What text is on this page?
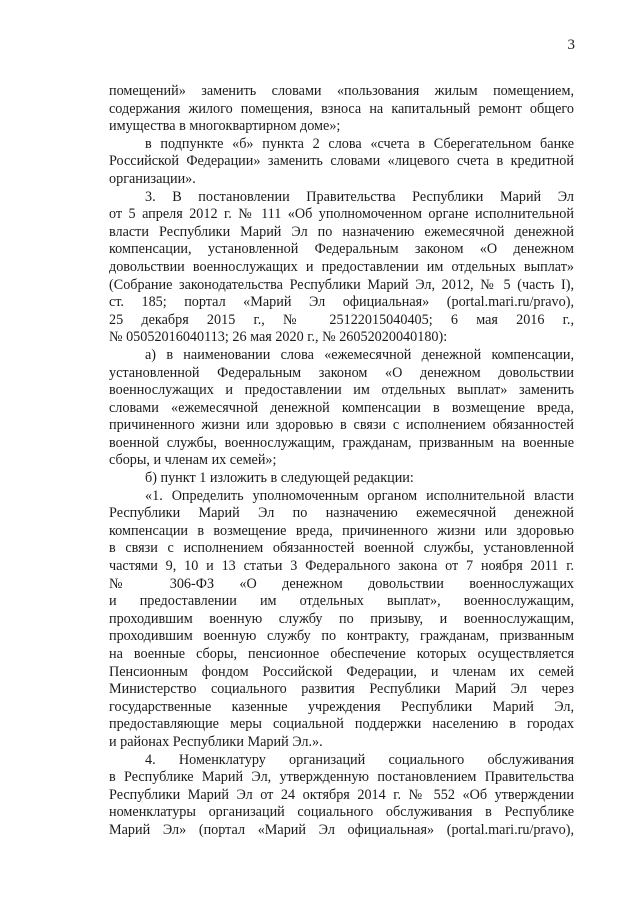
3
помещений» заменить словами «пользования жилым помещением,
содержания жилого помещения, взноса на капитальный ремонт общего
имущества в многоквартирном доме»;
в подпункте «б» пункта 2 слова «счета в Сберегательном банке
Российской Федерации» заменить словами «лицевого счета в кредитной
организации».
3. В постановлении Правительства Республики Марий Эл
от 5 апреля 2012 г. № 111 «Об уполномоченном органе исполнительной
власти Республики Марий Эл по назначению ежемесячной денежной
компенсации, установленной Федеральным законом «О денежном
довольствии военнослужащих и предоставлении им отдельных выплат»
(Собрание законодательства Республики Марий Эл, 2012, № 5 (часть I),
ст. 185; портал «Марий Эл официальная» (portal.mari.ru/pravo),
25 декабря 2015 г., № 25122015040405; 6 мая 2016 г.,
№ 05052016040113; 26 мая 2020 г., № 26052020040180):
а) в наименовании слова «ежемесячной денежной компенсации,
установленной Федеральным законом «О денежном довольствии
военнослужащих и предоставлении им отдельных выплат» заменить
словами «ежемесячной денежной компенсации в возмещение вреда,
причиненного жизни или здоровью в связи с исполнением обязанностей
военной службы, военнослужащим, гражданам, призванным на военные
сборы, и членам их семей»;
б) пункт 1 изложить в следующей редакции:
«1. Определить уполномоченным органом исполнительной власти
Республики Марий Эл по назначению ежемесячной денежной
компенсации в возмещение вреда, причиненного жизни или здоровью
в связи с исполнением обязанностей военной службы, установленной
частями 9, 10 и 13 статьи 3 Федерального закона от 7 ноября 2011 г.
№ 306-ФЗ «О денежном довольствии военнослужащих
и предоставлении им отдельных выплат», военнослужащим,
проходившим военную службу по призыву, и военнослужащим,
проходившим военную службу по контракту, гражданам, призванным
на военные сборы, пенсионное обеспечение которых осуществляется
Пенсионным фондом Российской Федерации, и членам их семей
Министерство социального развития Республики Марий Эл через
государственные казенные учреждения Республики Марий Эл,
предоставляющие меры социальной поддержки населению в городах
и районах Республики Марий Эл.».
4. Номенклатуру организаций социального обслуживания
в Республике Марий Эл, утвержденную постановлением Правительства
Республики Марий Эл от 24 октября 2014 г. № 552 «Об утверждении
номенклатуры организаций социального обслуживания в Республике
Марий Эл» (портал «Марий Эл официальная» (portal.mari.ru/pravo),
